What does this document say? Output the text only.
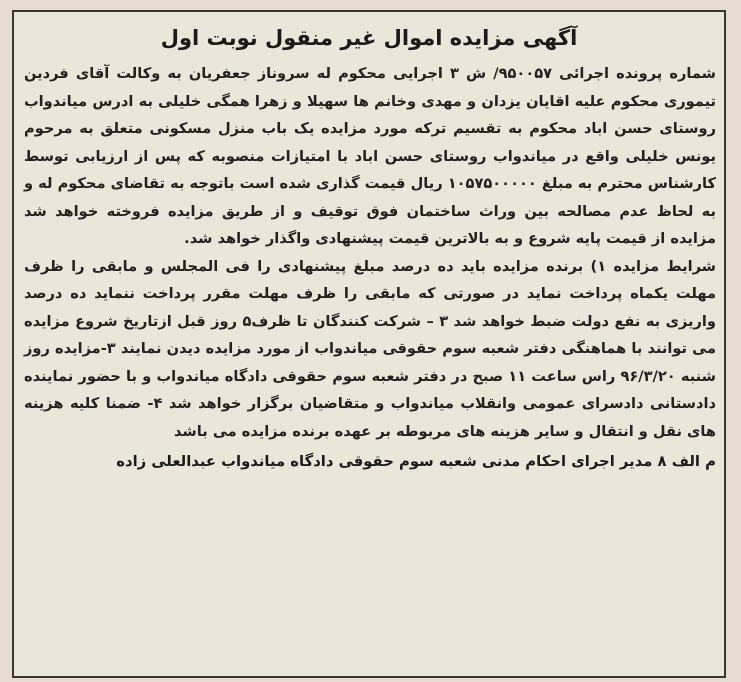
آگهی مزایده اموال غیر منقول نوبت اول

شماره پرونده اجرائی ۹۵۰۰۵۷/ ش ۳ اجرایی محکوم له سروناز جعفریان به وکالت آقای فردین تیموری محکوم علیه اقایان یزدان و مهدی وخانم ها سهیلا و زهرا همگی خلیلی به ادرس میاندواب روستای حسن اباد محکوم به تقسیم ترکه مورد مزایده یک باب منزل مسکونی متعلق به مرحوم یونس خلیلی واقع در میاندواب روستای حسن اباد با امتیازات منصوبه که پس از ارزیابی توسط کارشناس محترم به مبلغ ۱۰۵۷۵۰۰۰۰۰ ریال قیمت گذاری شده است باتوجه به تقاضای محکوم له و به لحاظ عدم مصالحه بین وراث ساختمان فوق توقیف و از طریق مزایده فروخته خواهد شد مزایده از قیمت پایه شروع و به بالاترین قیمت پیشنهادی واگذار خواهد شد.

شرایط مزایده ۱) برنده مزایده باید ده درصد مبلغ پیشنهادی را فی المجلس و مابقی را ظرف مهلت یکماه پرداخت نماید در صورتی که مابقی را ظرف مهلت مقرر پرداخت ننماید ده درصد واریزی به نفع دولت ضبط خواهد شد ۳ – شرکت کنندگان تا ظرف۵ روز قبل ازتاریخ شروع مزایده می توانند با هماهنگی دفتر شعبه سوم حقوقی میاندواب از مورد مزایده دیدن نمایند ۳-مزایده روز شنبه ۹۶/۳/۲۰ راس ساعت ۱۱ صبح در دفتر شعبه سوم حقوقی دادگاه میاندواب و با حضور نماینده دادستانی دادسرای عمومی وانقلاب میاندواب و متقاضیان برگزار خواهد شد ۴- ضمنا کلیه هزینه های نقل و انتقال و سایر هزینه های مربوطه بر عهده برنده مزایده می باشد

م الف ۸ مدیر اجرای احکام مدنی شعبه سوم حقوقی دادگاه میاندواب عبدالعلی زاده
